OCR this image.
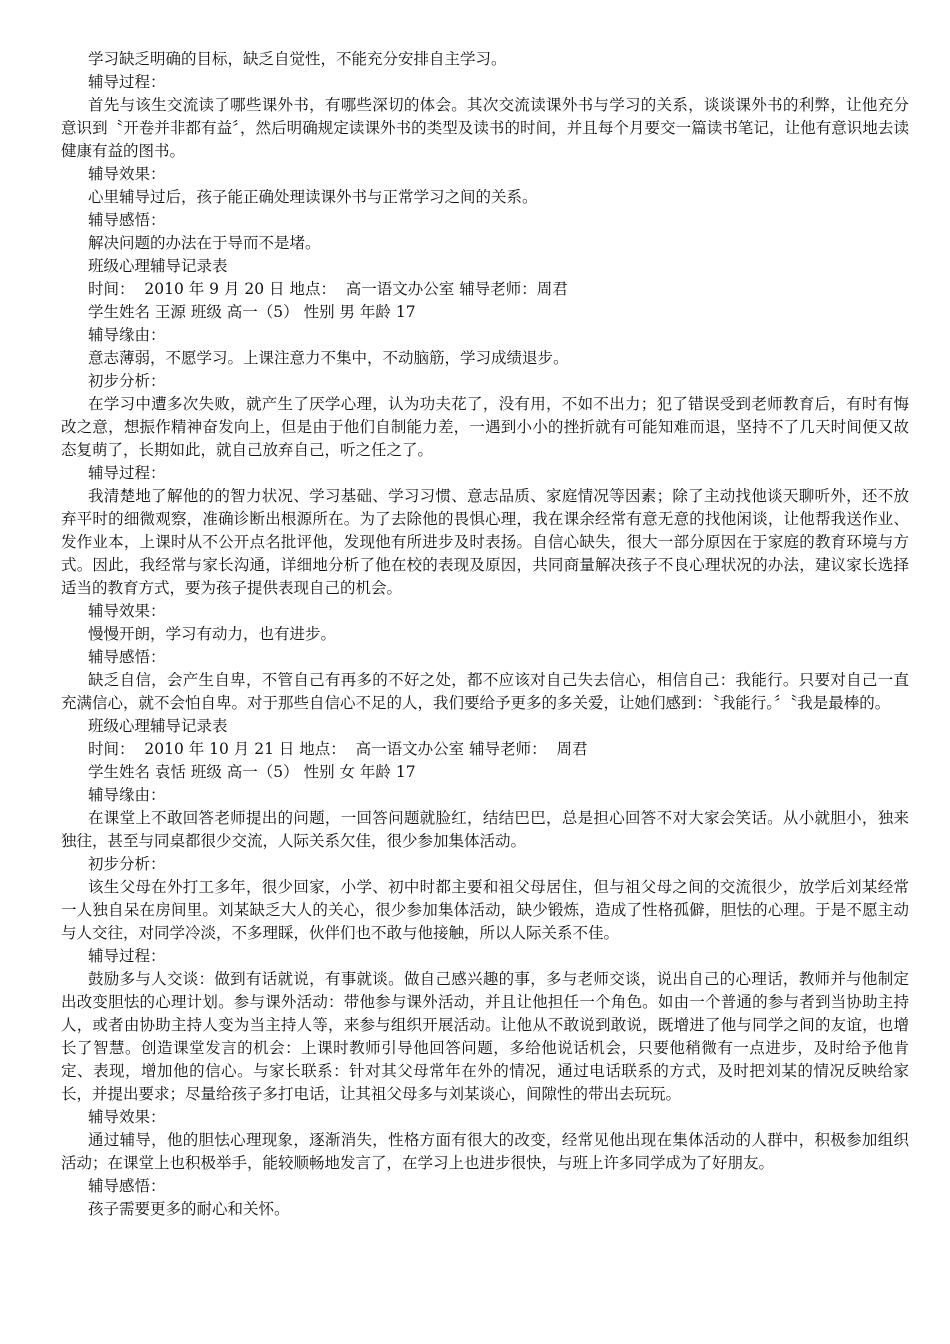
学习缺乏明确的目标，缺乏自觉性，不能充分安排自主学习。

辅导过程：

首先与该生交流读了哪些课外书，有哪些深切的体会。其次交流读课外书与学习的关系，谈谈课外书的利弊，让他充分意识到〝开卷并非都有益〞，然后明确规定读课外书的类型及读书的时间，并且每个月要交一篇读书笔记，让他有意识地去读健康有益的图书。

辅导效果：

心里辅导过后，孩子能正确处理读课外书与正常学习之间的关系。

辅导感悟：

解决问题的办法在于导而不是堵。

班级心理辅导记录表

时间：  2010 年 9 月 20 日 地点：  高一语文办公室 辅导老师：周君

学生姓名 王源 班级 高一（5） 性别 男 年龄 17

辅导缘由：

意志薄弱，不愿学习。上课注意力不集中，不动脑筋，学习成绩退步。

初步分析：

在学习中遭多次失败，就产生了厌学心理，认为功夫花了，没有用，不如不出力；犯了错误受到老师教育后，有时有悔改之意，想振作精神奋发向上，但是由于他们自制能力差，一遇到小小的挫折就有可能知难而退，坚持不了几天时间便又故态复萌了，长期如此，就自己放弃自己，听之任之了。

辅导过程：

我清楚地了解他的的智力状况、学习基础、学习习惯、意志品质、家庭情况等因素；除了主动找他谈天聊听外，还不放弃平时的细微观察，准确诊断出根源所在。为了去除他的畏惧心理，我在课余经常有意无意的找他闲谈，让他帮我送作业、发作业本，上课时从不公开点名批评他，发现他有所进步及时表扬。自信心缺失，很大一部分原因在于家庭的教育环境与方式。因此，我经常与家长沟通，详细地分析了他在校的表现及原因，共同商量解决孩子不良心理状况的办法，建议家长选择适当的教育方式，要为孩子提供表现自己的机会。

辅导效果：

慢慢开朗，学习有动力，也有进步。

辅导感悟：

缺乏自信，会产生自卑，不管自己有再多的不好之处，都不应该对自己失去信心，相信自己：我能行。只要对自己一直充满信心，就不会怕自卑。对于那些自信心不足的人，我们要给予更多的多关爱，让她们感到：〝我能行。〞〝我是最棒的。

班级心理辅导记录表

时间：  2010 年 10 月 21 日 地点：  高一语文办公室 辅导老师：  周君

学生姓名 袁恬 班级 高一（5） 性别 女 年龄 17

辅导缘由：

在课堂上不敢回答老师提出的问题，一回答问题就脸红，结结巴巴，总是担心回答不对大家会笑话。从小就胆小，独来独往，甚至与同桌都很少交流，人际关系欠佳，很少参加集体活动。

初步分析：

该生父母在外打工多年，很少回家，小学、初中时都主要和祖父母居住，但与祖父母之间的交流很少，放学后刘某经常一人独自呆在房间里。刘某缺乏大人的关心，很少参加集体活动，缺少锻炼，造成了性格孤僻，胆怯的心理。于是不愿主动与人交往，对同学冷淡，不多理睬，伙伴们也不敢与他接触，所以人际关系不佳。

辅导过程：

鼓励多与人交谈：做到有话就说，有事就谈。做自己感兴趣的事，多与老师交谈，说出自己的心理话，教师并与他制定出改变胆怯的心理计划。参与课外活动：带他参与课外活动，并且让他担任一个角色。如由一个普通的参与者到当协助主持人，或者由协助主持人变为当主持人等，来参与组织开展活动。让他从不敢说到敢说，既增进了他与同学之间的友谊，也增长了智慧。创造课堂发言的机会：上课时教师引导他回答问题，多给他说话机会，只要他稍微有一点进步，及时给予他肯定、表现，增加他的信心。与家长联系：针对其父母常年在外的情况，通过电话联系的方式，及时把刘某的情况反映给家长，并提出要求；尽量给孩子多打电话，让其祖父母多与刘某谈心，间隙性的带出去玩玩。

辅导效果：

通过辅导，他的胆怯心理现象，逐渐消失，性格方面有很大的改变，经常见他出现在集体活动的人群中，积极参加组织活动；在课堂上也积极举手，能较顺畅地发言了，在学习上也进步很快，与班上许多同学成为了好朋友。

辅导感悟：

孩子需要更多的耐心和关怀。
